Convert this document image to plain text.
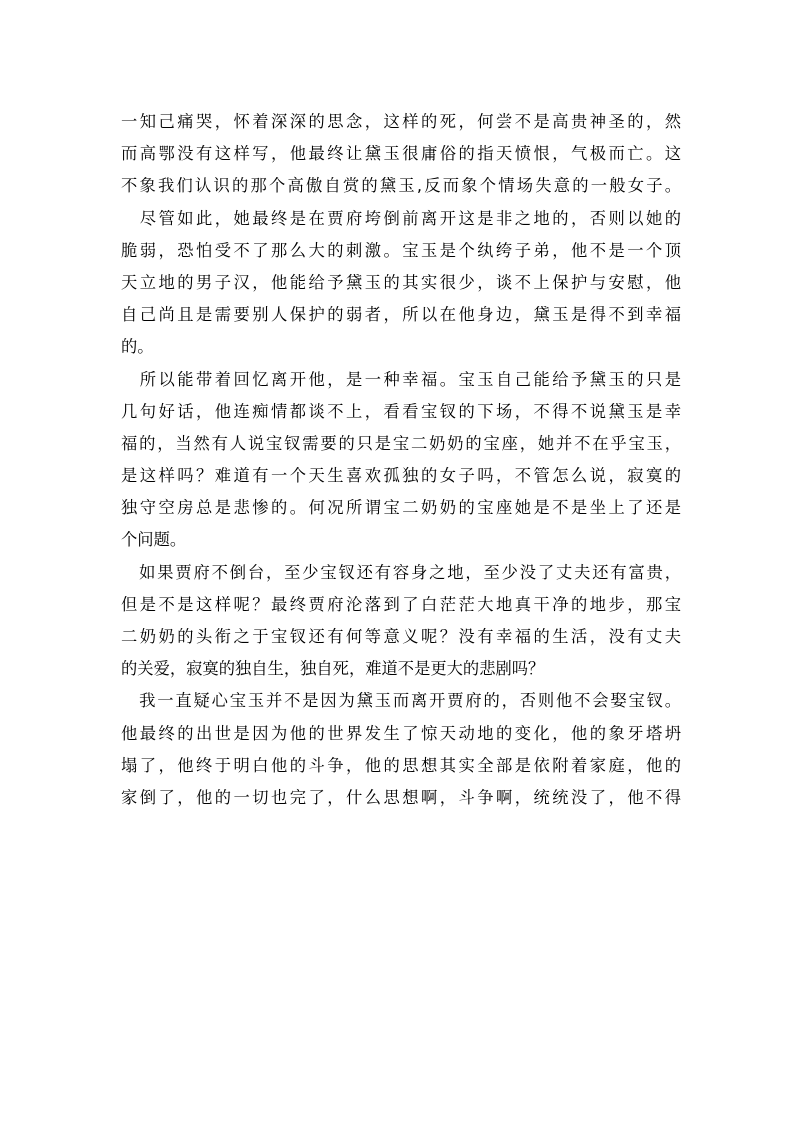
一知己痛哭，怀着深深的思念，这样的死，何尝不是高贵神圣的，然
而高鄂没有这样写，他最终让黛玉很庸俗的指天愤恨，气极而亡。这
不象我们认识的那个高傲自赏的黛玉,反而象个情场失意的一般女子。
　尽管如此，她最终是在贾府垮倒前离开这是非之地的，否则以她的
脆弱，恐怕受不了那么大的刺激。宝玉是个纨绔子弟，他不是一个顶
天立地的男子汉，他能给予黛玉的其实很少，谈不上保护与安慰，他
自己尚且是需要别人保护的弱者，所以在他身边，黛玉是得不到幸福
的。
　所以能带着回忆离开他，是一种幸福。宝玉自己能给予黛玉的只是
几句好话，他连痴情都谈不上，看看宝钗的下场，不得不说黛玉是幸
福的，当然有人说宝钗需要的只是宝二奶奶的宝座，她并不在乎宝玉，
是这样吗？难道有一个天生喜欢孤独的女子吗，不管怎么说，寂寞的
独守空房总是悲惨的。何况所谓宝二奶奶的宝座她是不是坐上了还是
个问题。
　如果贾府不倒台，至少宝钗还有容身之地，至少没了丈夫还有富贵，
但是不是这样呢？最终贾府沦落到了白茫茫大地真干净的地步，那宝
二奶奶的头衔之于宝钗还有何等意义呢？没有幸福的生活，没有丈夫
的关爱，寂寞的独自生，独自死，难道不是更大的悲剧吗？
　我一直疑心宝玉并不是因为黛玉而离开贾府的，否则他不会娶宝钗。
他最终的出世是因为他的世界发生了惊天动地的变化，他的象牙塔坍
塌了，他终于明白他的斗争，他的思想其实全部是依附着家庭，他的
家倒了，他的一切也完了，什么思想啊，斗争啊，统统没了，他不得
